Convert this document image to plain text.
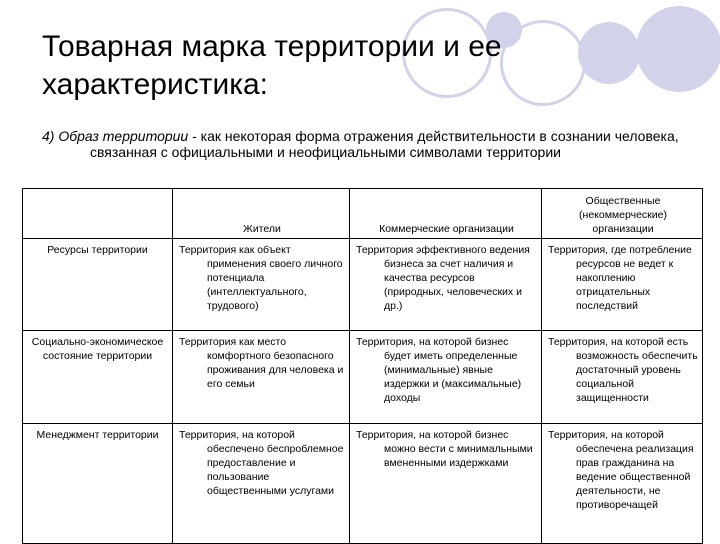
Товарная марка территории и ее характеристика:

4) Образ территории - как некоторая форма отражения действительности в сознании человека, связанная с официальными и неофициальными символами территории

	Жители	Коммерческие организации	Общественные (некоммерческие) организации
Ресурсы территории	Территория как объект применения своего личного потенциала (интеллектуального, трудового)	Территория эффективного ведения бизнеса за счет наличия и качества ресурсов (природных, человеческих и др.)	Территория, где потребление ресурсов не ведет к накоплению отрицательных последствий

Социально-экономическое состояние территории	Территория как место комфортного безопасного проживания для человека и его семьи	Территория, на которой бизнес будет иметь определенные (минимальные) явные издержки и (максимальные) доходы	Территория, на которой есть возможность обеспечить достаточный уровень социальной защищенности

Менеджмент территории	Территория, на которой обеспечено беспроблемное предоставление и пользование общественными услугами	Территория, на которой бизнес можно вести с минимальными вмененными издержками	Территория, на которой обеспечена реализация прав гражданина на ведение общественной деятельности, не противоречащей
